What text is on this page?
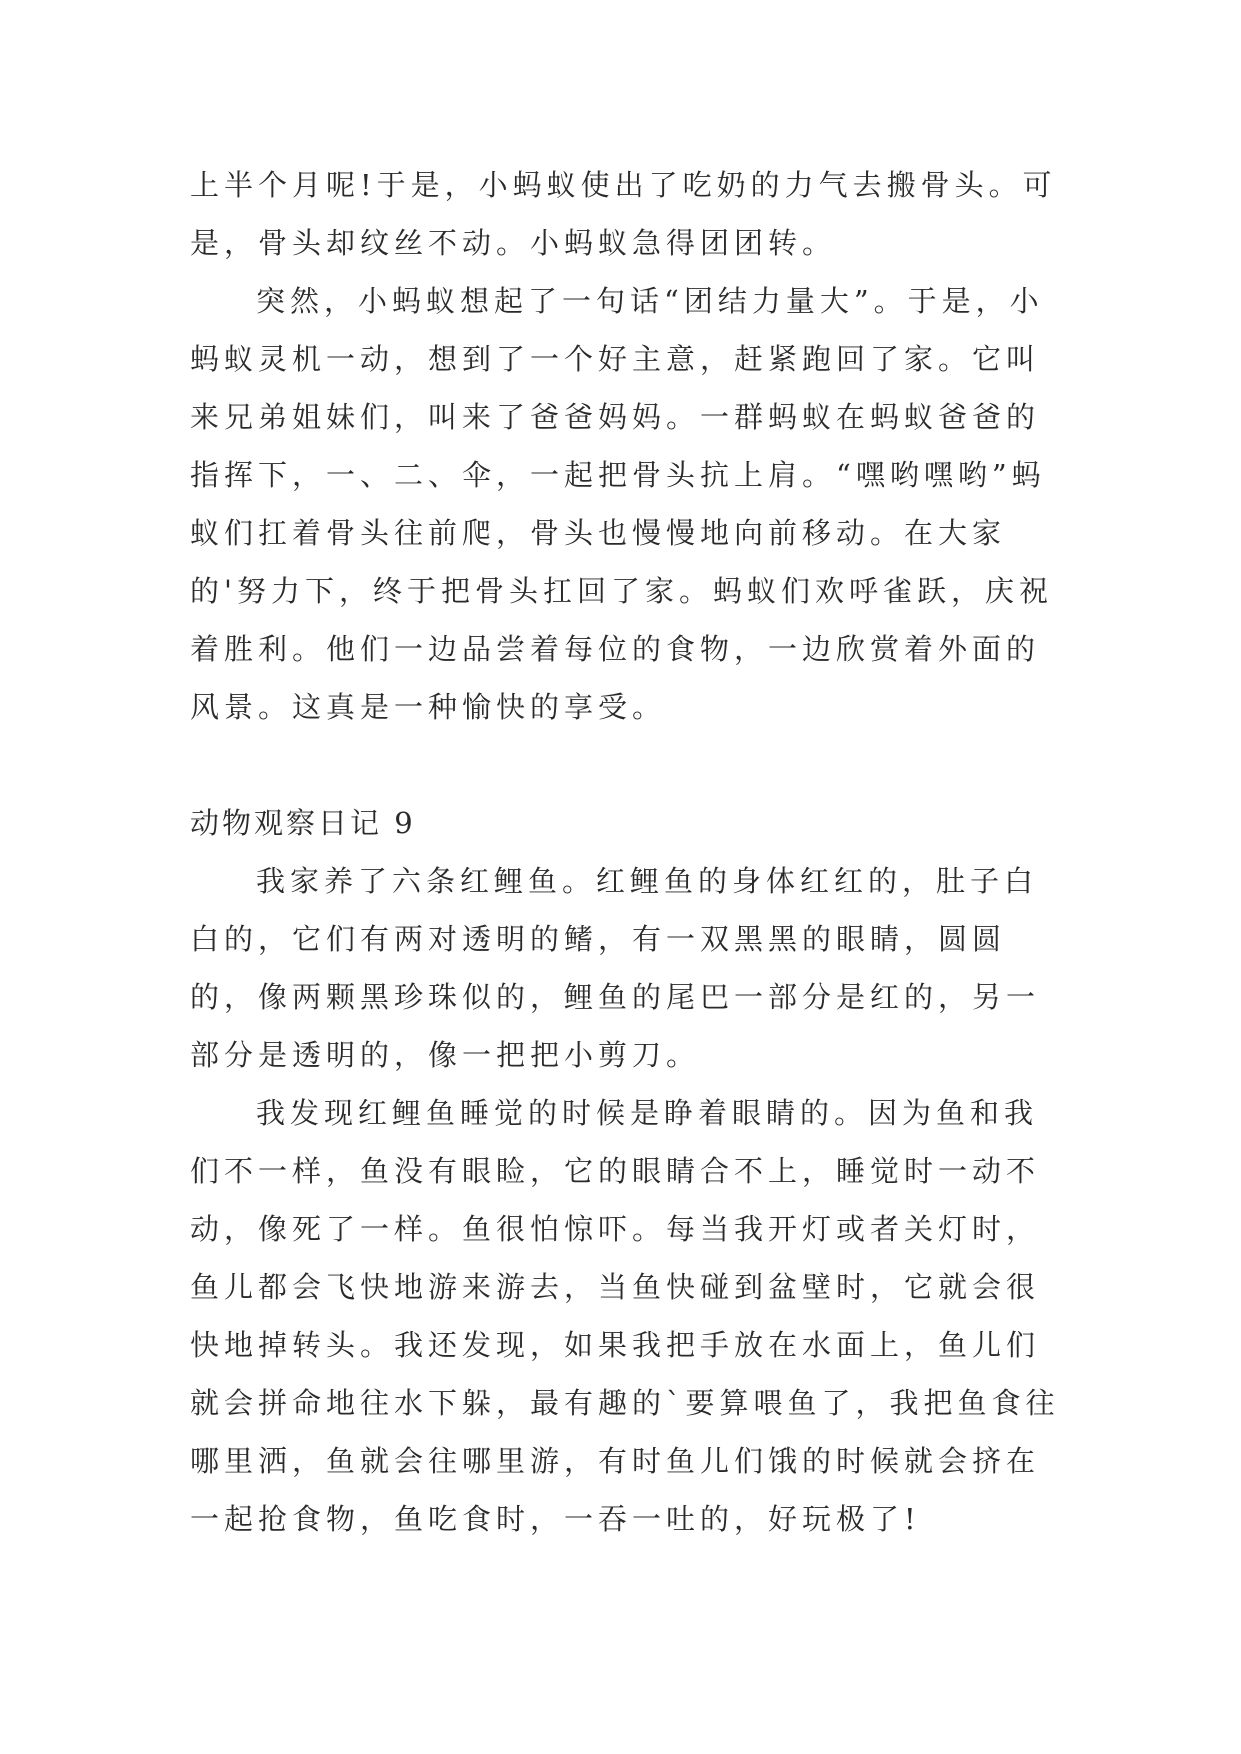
上半个月呢!于是，小蚂蚁使出了吃奶的力气去搬骨头。可是，骨头却纹丝不动。小蚂蚁急得团团转。

突然，小蚂蚁想起了一句话“团结力量大”。于是，小蚂蚁灵机一动，想到了一个好主意，赶紧跑回了家。它叫来兄弟姐妹们，叫来了爸爸妈妈。一群蚂蚁在蚂蚁爸爸的指挥下，一、二、伞，一起把骨头抗上肩。“嘿哟嘿哟”蚂蚁们扛着骨头往前爬，骨头也慢慢地向前移动。在大家的'努力下，终于把骨头扛回了家。蚂蚁们欢呼雀跃，庆祝着胜利。他们一边品尝着每位的食物，一边欣赏着外面的风景。这真是一种愉快的享受。

动物观察日记 9

我家养了六条红鲤鱼。红鲤鱼的身体红红的，肚子白白的，它们有两对透明的鳍，有一双黑黑的眼睛，圆圆的，像两颗黑珍珠似的，鲤鱼的尾巴一部分是红的，另一部分是透明的，像一把把小剪刀。

我发现红鲤鱼睡觉的时候是睁着眼睛的。因为鱼和我们不一样，鱼没有眼睑，它的眼睛合不上，睡觉时一动不动，像死了一样。鱼很怕惊吓。每当我开灯或者关灯时，鱼儿都会飞快地游来游去，当鱼快碰到盆壁时，它就会很快地掉转头。我还发现，如果我把手放在水面上，鱼儿们就会拼命地往水下躲，最有趣的`要算喂鱼了，我把鱼食往哪里洒，鱼就会往哪里游，有时鱼儿们饿的时候就会挤在一起抢食物，鱼吃食时，一吞一吐的，好玩极了!
